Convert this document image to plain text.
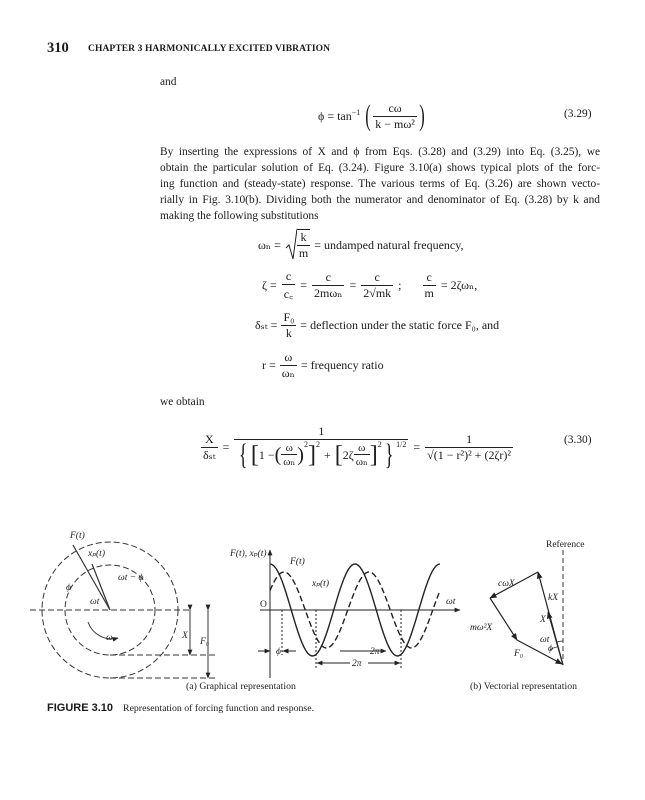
310 CHAPTER 3 HARMONICALLY EXCITED VIBRATION
and
$\phi = \tan^{-1}$ ( $\frac{c\omega}{\text{k − mω²}}$ )	(3.29)
By inserting the expressions of X and ϕ from Eqs. (3.28) and (3.29) into Eq. (3.25), we
obtain the particular solution of Eq. (3.24). Figure 3.10(a) shows typical plots of the forc-
ing function and (steady-state) response. The various terms of Eq. (3.26) are shown vecto-
rially in Fig. 3.10(b). Dividing both the numerator and denominator of Eq. (3.28) by k and
making the following substitutions
$\omega_n = \frac{k}{m}$ = undamped natural frequency,
$\zeta = \frac{c}{c꜀} = \frac{c}{\text{2mωₙ}} = \frac{c}{2√mk}$ ; $\frac{c}{m} = 2\zeta\omega_n$,
$\delta_{st} = \frac{\text{F₀}}{k}$ = deflection under the static force F₀, and
$r = \frac{\omega}{\text{ωₙ}}$ = frequency ratio
we obtain
$\frac{X}{\text{δₛₜ}}$ =
1
{ [ 1 − ( $\frac{\omega}{\text{ωₙ}} )^2$ ]$^2$
+ [ $2\zeta \frac{\omega}{\text{ωₙ}} ]^2$ } $^{1/2} = \frac{1}{\text{√(1 − r²)² + (2ζr)²}}$	(3.30)
F(t)
xₚ(t)
ωt − ϕ
ϕ
ωt
ω	X
F₀
F(t), xₚ(t)
F(t)
xₚ(t)
O	ωt
ϕ	2π
2π
Reference
cωX
kX
X
mω²X
ωt
ϕ
F₀
(a) Graphical representation	(b) Vectorial representation
FIGURE 3.10 Representation of forcing function and response.
